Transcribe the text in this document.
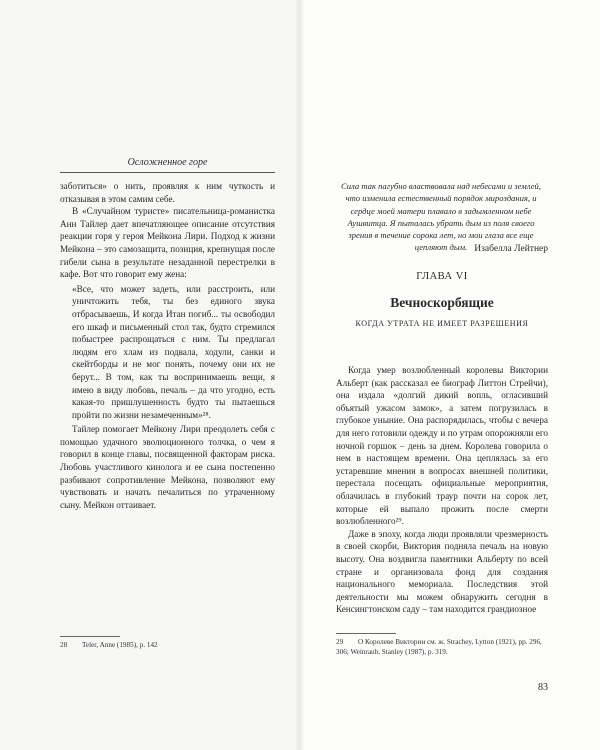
Осложненное горе

заботиться» о нить, проявляя к ним чуткость и отказывая в этом самим себе.

В «Случайном туристе» писательница-романистка Анн Тайлер дает впечатляющее описание отсутствия реакции горя у героя Мейкона Лири. Подход к жизни Мейкона – это самозащита, позиция, крепнущая после гибели сына в результате незаданной перестрелки в кафе. Вот что говорит ему жена:

«Все, что может задеть, или расстроить, или уничтожить тебя, ты без единого звука отбрасываешь, И когда Итан погиб... ты освободил его шкаф и письменный стол так, будто стремился побыстрее распрощаться с ним. Ты предлагал людям его хлам из подвала, ходули, санки и скейтборды и не мог понять, почему они их не берут... В том, как ты воспринимаешь вещи, я имею в виду любовь, печаль – да что угодно, есть какая-то пришлушенность будто ты пытаешься пройти по жизни незамеченным»²⁸.

Тайлер помогает Мейкону Лири преодолеть себя с помощью удачного эволюционного толчка, о чем я говорил в конце главы, посвященной факторам риска. Любовь участливого кинолога и ее сына постепенно разбивают сопротивление Мейкона, позволяют ему чувствовать и начать печалиться по утраченному сыну. Мейкон оттаивает.

28 Teler, Anne (1985), p. 142
Сила так пагубно властвовала над небесами и землей, что изменила естественный порядок мироздания, и сердце моей матери плавало в задымленном небе Аушвитца. Я пыталась убрать дым из поля своего зрения в течение сорока лет, но мои глаза все еще цепляют дым. Изабелла Лейтнер
ГЛАВА VI
Вечноскорбящие
КОГДА УТРАТА НЕ ИМЕЕТ РАЗРЕШЕНИЯ

Когда умер возлюбленный королевы Виктории Альберт (как рассказал ее биограф Литтон Стрейчи), она издала «долгий дикий вопль, огласивший объятый ужасом замок», а затем погрузилась в глубокое уныние. Она распорядилась, чтобы с вечера для него готовили одежду и по утрам опорожняли его ночной горшок – день за днем. Королева говорила о нем в настоящем времени. Она цеплялась за его устаревшие мнения в вопросах внешней политики, перестала посещать официальные мероприятия, облачилась в глубокий траур почти на сорок лет, которые ей выпало прожить после смерти возлюбленного²⁹.

Даже в эпоху, когда люди проявляли чрезмерность в своей скорби, Виктория подняла печаль на новую высоту. Она воздвигла памятники Альберту по всей стране и организовала фонд для создания национального мемориала. Последствия этой деятельности мы можем обнаружить сегодня в Кенсингтонском саду – там находится грандиозное

29 О Королеве Виктории см. ж. Strachey, Lytton (1921), pp. 296, 306; Weinraub, Stanley (1987), p. 319.
83
